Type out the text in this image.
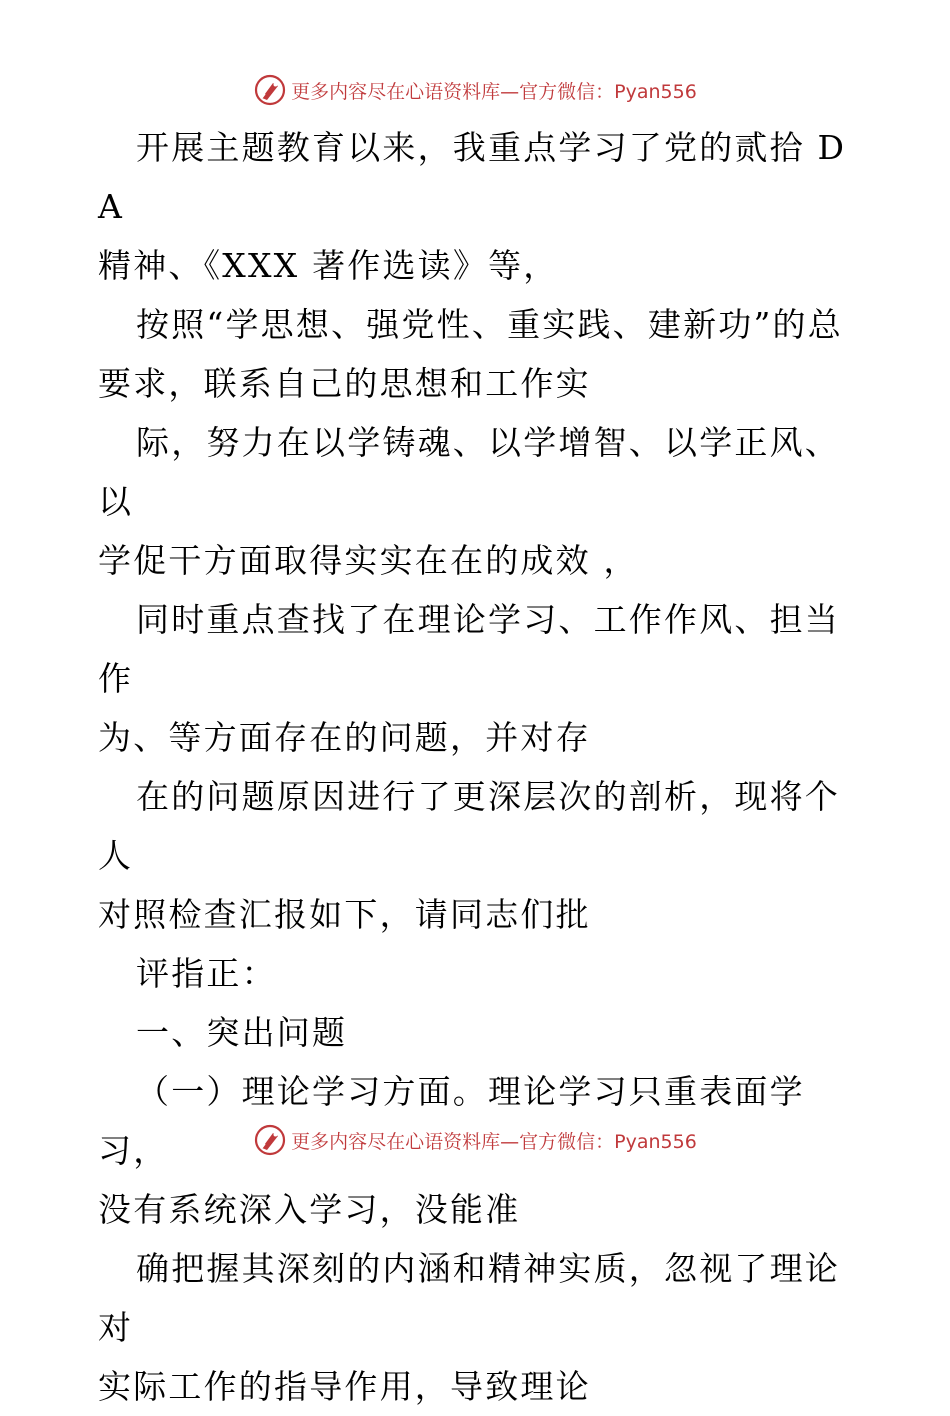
更多内容尽在心语资料库—官方微信：Pyan556

开展主题教育以来，我重点学习了党的贰拾 DA
精神、《XXX 著作选读》等，

按照“学思想、强党性、重实践、建新功”的总
要求，联系自己的思想和工作实

际，努力在以学铸魂、以学增智、以学正风、以
学促干方面取得实实在在的成效 ，

同时重点查找了在理论学习、工作作风、担当作
为、等方面存在的问题，并对存

在的问题原因进行了更深层次的剖析，现将个人
对照检查汇报如下，请同志们批

评指正：

一、突出问题

（一）理论学习方面。理论学习只重表面学习，
没有系统深入学习，没能准

确把握其深刻的内涵和精神实质，忽视了理论对
实际工作的指导作用，导致理论

更多内容尽在心语资料库—官方微信：Pyan556
